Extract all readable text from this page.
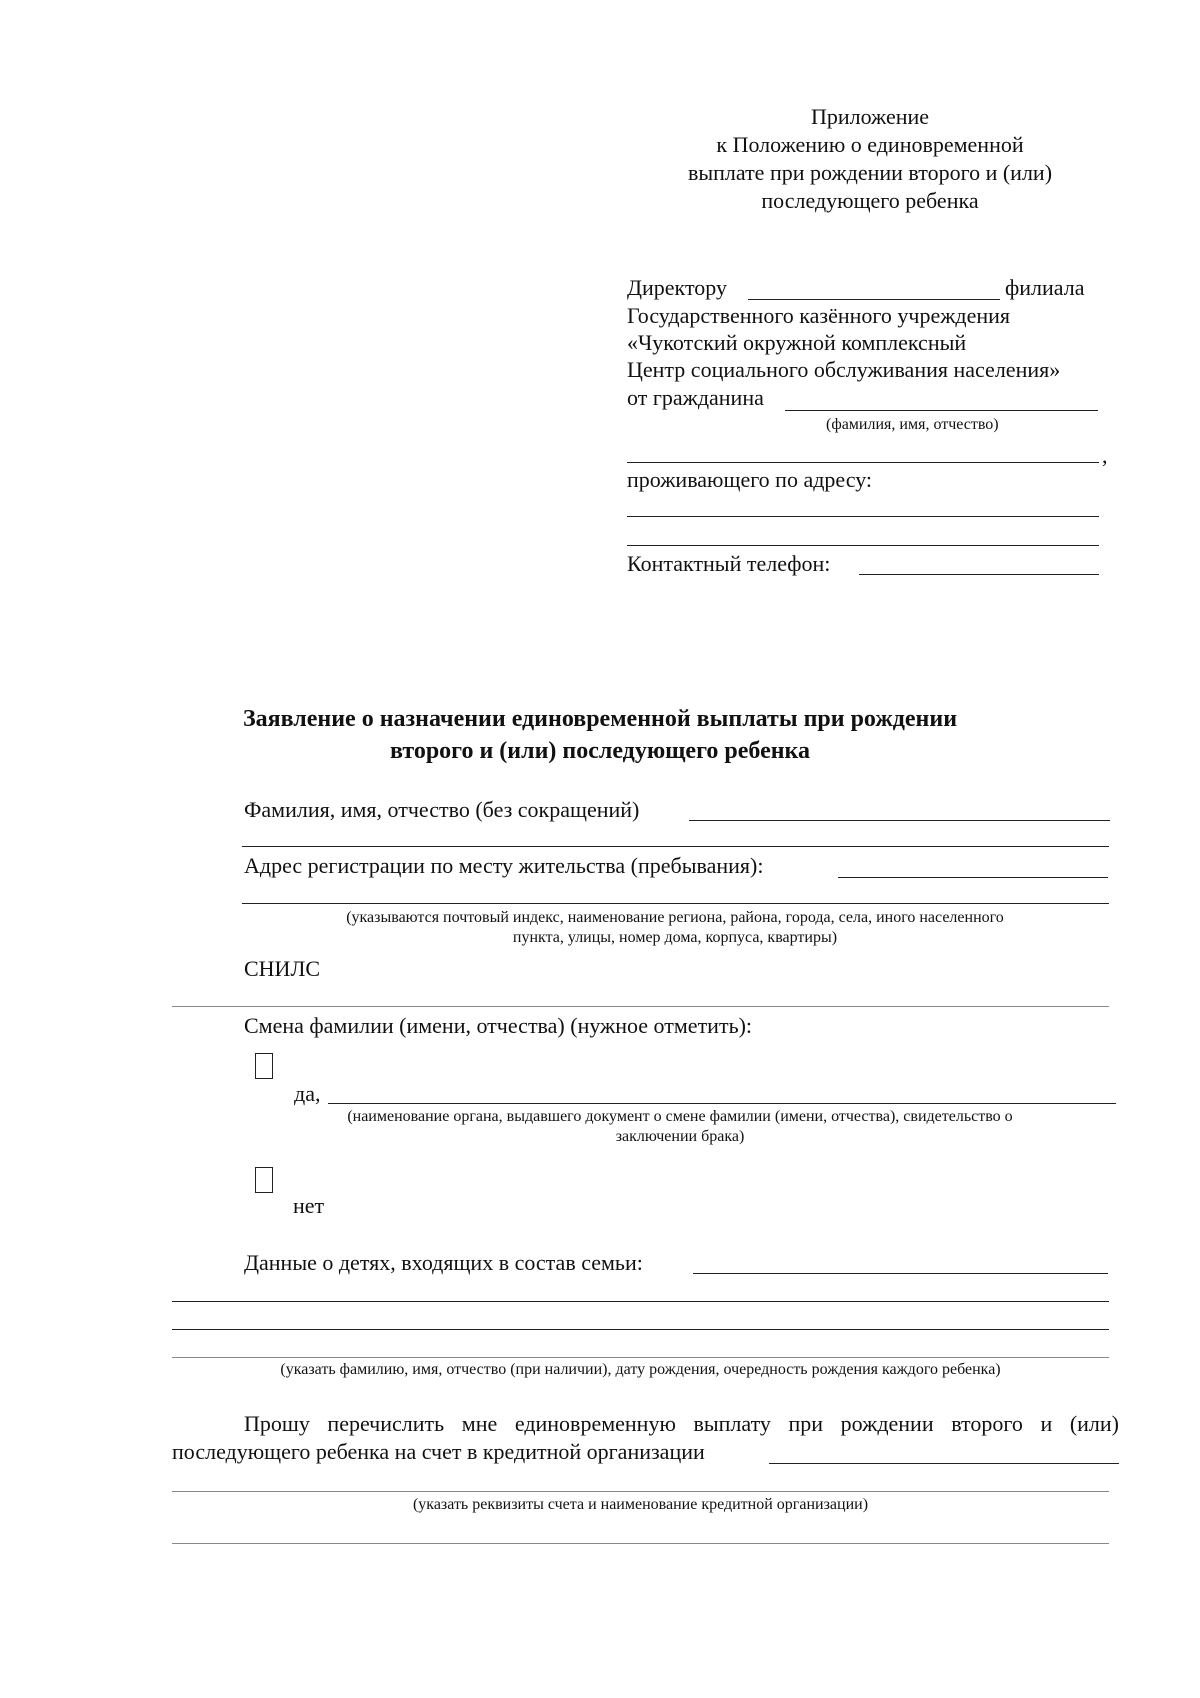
Приложение
к Положению о единовременной
выплате при рождении второго и (или)
последующего ребенка
Директору	филиала
Государственного казённого учреждения
«Чукотский окружной комплексный
Центр социального обслуживания населения»
от гражданина
(фамилия, имя, отчество)
,
проживающего по адресу:
Контактный телефон:
Заявление о назначении единовременной выплаты при рождении
второго и (или) последующего ребенка
Фамилия, имя, отчество (без сокращений)
Адрес регистрации по месту жительства (пребывания):
(указываются почтовый индекс, наименование региона, района, города, села, иного населенного
пункта, улицы, номер дома, корпуса, квартиры)
СНИЛС
Смена фамилии (имени, отчества) (нужное отметить):
да,
(наименование органа, выдавшего документ о смене фамилии (имени, отчества), свидетельство о
заключении брака)
нет
Данные о детях, входящих в состав семьи:
(указать фамилию, имя, отчество (при наличии), дату рождения, очередность рождения каждого ребенка)
Прошу перечислить мне единовременную выплату при рождении второго и (или)
последующего ребенка на счет в кредитной организации
(указать реквизиты счета и наименование кредитной организации)
